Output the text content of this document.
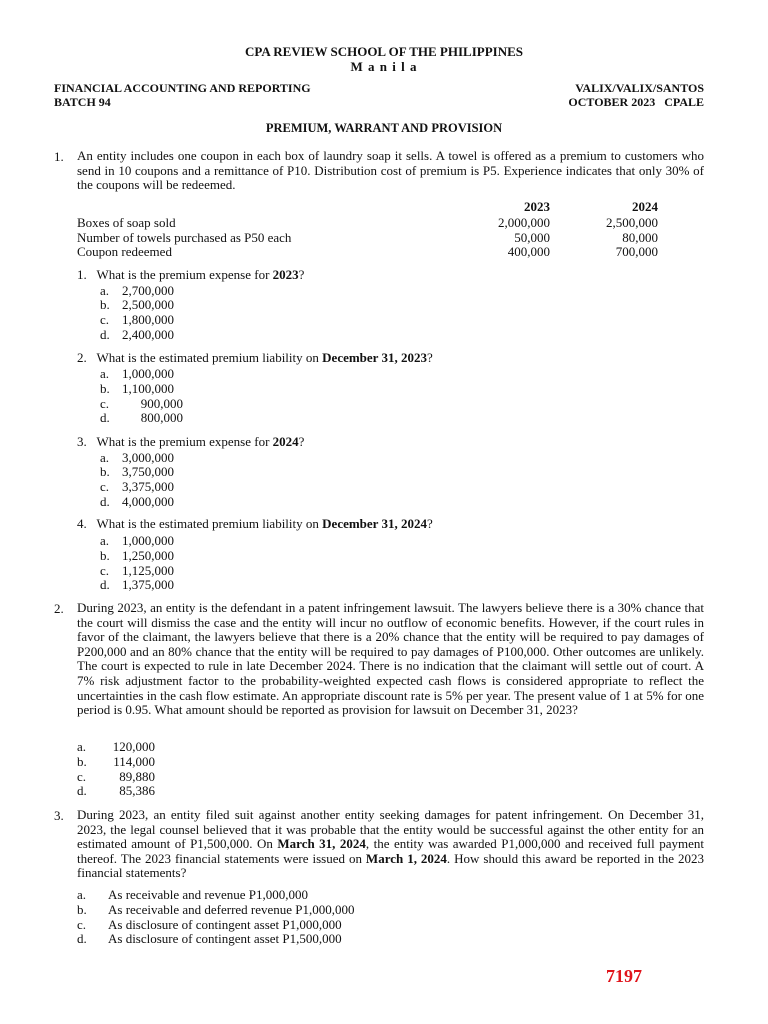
CPA REVIEW SCHOOL OF THE PHILIPPINES
M a n i l a
FINANCIAL ACCOUNTING AND REPORTING	VALIX/VALIX/SANTOS
BATCH 94	OCTOBER 2023   CPALE
PREMIUM, WARRANT AND PROVISION
1. An entity includes one coupon in each box of laundry soap it sells. A towel is offered as a premium to customers who send in 10 coupons and a remittance of P10. Distribution cost of premium is P5. Experience indicates that only 30% of the coupons will be redeemed.
2023	2024
Boxes of soap sold	2,000,000	2,500,000
Number of towels purchased as P50 each	50,000	80,000
Coupon redeemed	400,000	700,000
1. What is the premium expense for 2023?
a. 2,700,000
b. 2,500,000
c. 1,800,000
d. 2,400,000
2. What is the estimated premium liability on December 31, 2023?
a. 1,000,000
b. 1,100,000
c. 900,000
d. 800,000
3. What is the premium expense for 2024?
a. 3,000,000
b. 3,750,000
c. 3,375,000
d. 4,000,000
4. What is the estimated premium liability on December 31, 2024?
a. 1,000,000
b. 1,250,000
c. 1,125,000
d. 1,375,000
2. During 2023, an entity is the defendant in a patent infringement lawsuit. The lawyers believe there is a 30% chance that the court will dismiss the case and the entity will incur no outflow of economic benefits. However, if the court rules in favor of the claimant, the lawyers believe that there is a 20% chance that the entity will be required to pay damages of P200,000 and an 80% chance that the entity will be required to pay damages of P100,000. Other outcomes are unlikely. The court is expected to rule in late December 2024. There is no indication that the claimant will settle out of court. A 7% risk adjustment factor to the probability-weighted expected cash flows is considered appropriate to reflect the uncertainties in the cash flow estimate. An appropriate discount rate is 5% per year. The present value of 1 at 5% for one period is 0.95. What amount should be reported as provision for lawsuit on December 31, 2023?
a. 120,000
b. 114,000
c.	89,880
d.	85,386
3. During 2023, an entity filed suit against another entity seeking damages for patent infringement. On December 31, 2023, the legal counsel believed that it was probable that the entity would be successful against the other entity for an estimated amount of P1,500,000. On March 31, 2024, the entity was awarded P1,000,000 and received full payment thereof. The 2023 financial statements were issued on March 1, 2024. How should this award be reported in the 2023 financial statements?
a. As receivable and revenue P1,000,000
b. As receivable and deferred revenue P1,000,000
c. As disclosure of contingent asset P1,000,000
d. As disclosure of contingent asset P1,500,000
7197
